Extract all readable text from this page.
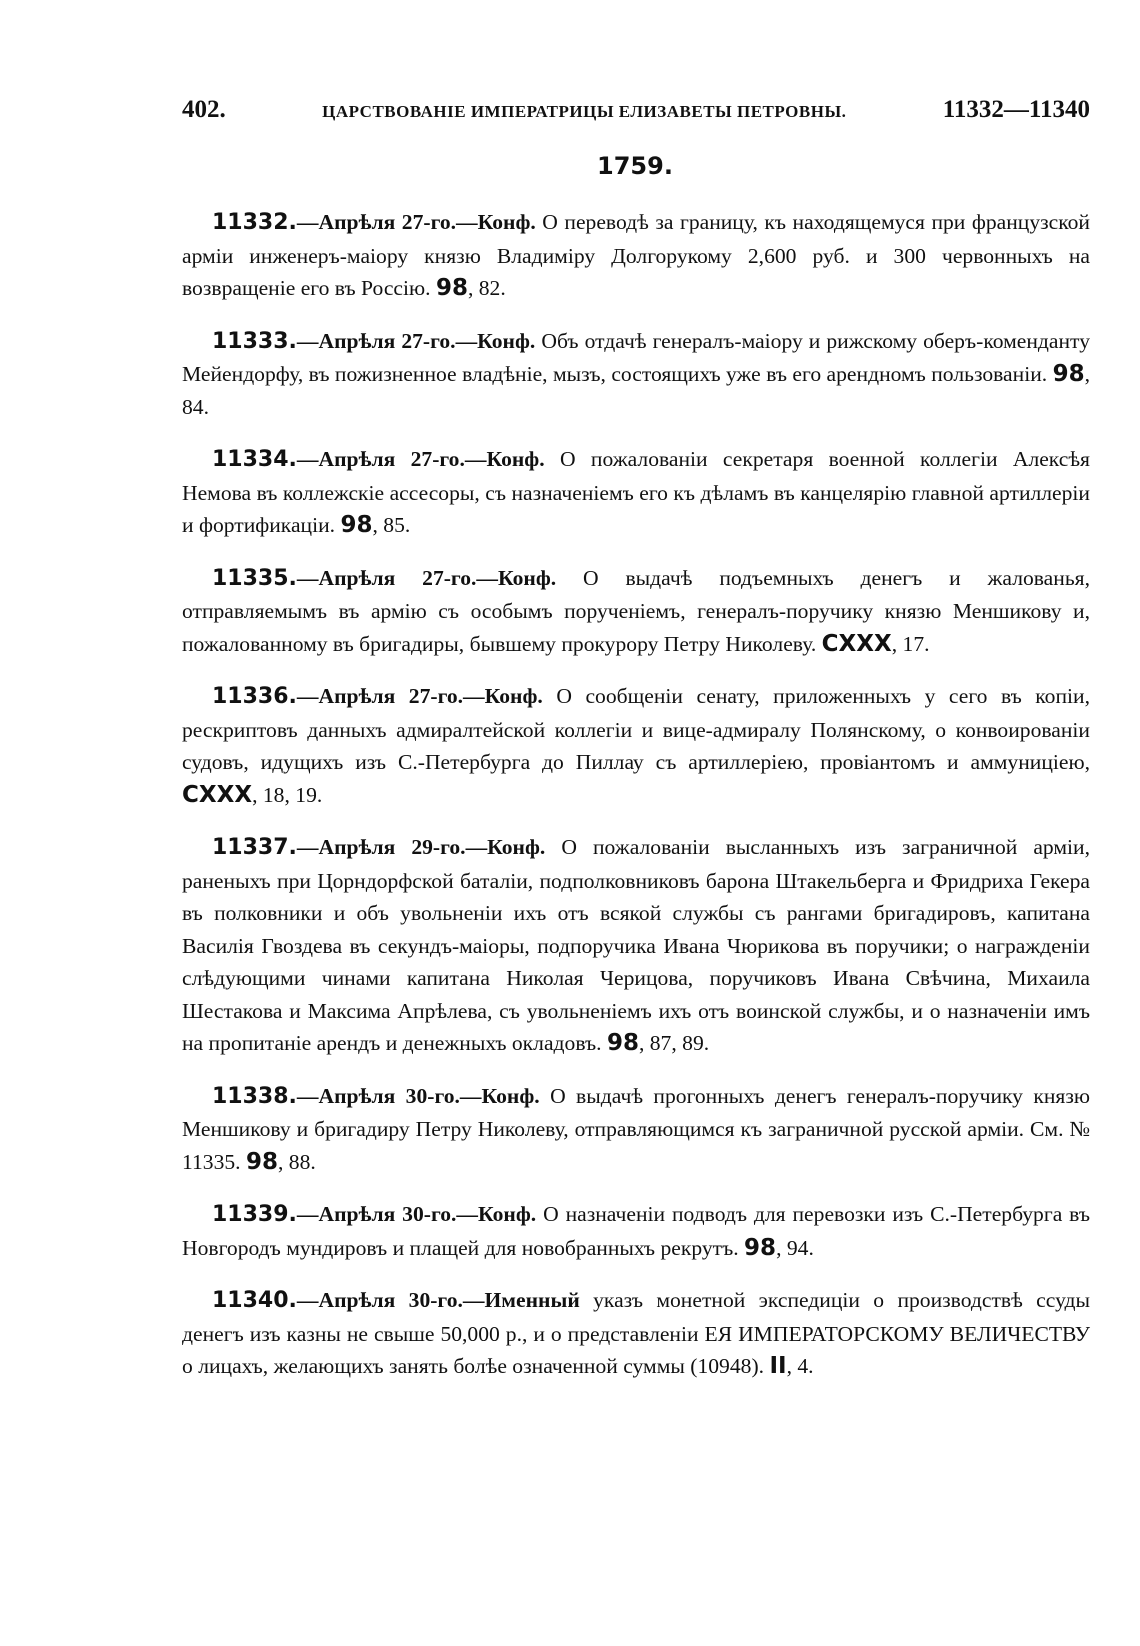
402.	ЦАРСТВОВАНІЕ ИМПЕРАТРИЦЫ ЕЛИЗАВЕТЫ ПЕТРОВНЫ.	11332—11340
1759.

11332.—Апрѣля 27-го.—Конф. О переводѣ за границу, къ находящемуся при французской арміи инженеръ-маіору князю Владиміру Долгорукому 2,600 руб. и 300 червонныхъ на возвращеніе его въ Россію. 98, 82.

11333.—Апрѣля 27-го.—Конф. Объ отдачѣ генералъ-маіору и рижскому оберъ-коменданту Мейендорфу, въ пожизненное владѣніе, мызъ, состоящихъ уже въ его арендномъ пользованіи. 98, 84.

11334.—Апрѣля 27-го.—Конф. О пожалованіи секретаря военной коллегіи Алексѣя Немова въ коллежскіе ассесоры, съ назначеніемъ его къ дѣламъ въ канцелярію главной артиллеріи и фортификаціи. 98, 85.

11335.—Апрѣля 27-го.—Конф. О выдачѣ подъемныхъ денегъ и жалованья, отправляемымъ въ армію съ особымъ порученіемъ, генералъ-поручику князю Меншикову и, пожалованному въ бригадиры, бывшему прокурору Петру Николеву. CXXX, 17.

11336.—Апрѣля 27-го.—Конф. О сообщеніи сенату, приложенныхъ у сего въ копіи, рескриптовъ данныхъ адмиралтейской коллегіи и вице-адмиралу Полянскому, о конвоированіи судовъ, идущихъ изъ С.-Петербурга до Пиллау съ артиллеріею, провіантомъ и аммуниціею, CXXX, 18, 19.

11337.—Апрѣля 29-го.—Конф. О пожалованіи высланныхъ изъ заграничной арміи, раненыхъ при Цорндорфской баталіи, подполковниковъ барона Штакельберга и Фридриха Гекера въ полковники и объ увольненіи ихъ отъ всякой службы съ рангами бригадировъ, капитана Василія Гвоздева въ секундъ-маіоры, подпоручика Ивана Чюрикова въ поручики; о награжденіи слѣдующими чинами капитана Николая Черицова, поручиковъ Ивана Свѣчина, Михаила Шестакова и Максима Апрѣлева, съ увольненіемъ ихъ отъ воинской службы, и о назначеніи имъ на пропитаніе арендъ и денежныхъ окладовъ. 98, 87, 89.

11338.—Апрѣля 30-го.—Конф. О выдачѣ прогонныхъ денегъ генералъ-поручику князю Меншикову и бригадиру Петру Николеву, отправляющимся къ заграничной русской арміи. См. № 11335. 98, 88.

11339.—Апрѣля 30-го.—Конф. О назначеніи подводъ для перевозки изъ С.-Петербурга въ Новгородъ мундировъ и плащей для новобранныхъ рекрутъ. 98, 94.

11340.—Апрѣля 30-го.—Именный указъ монетной экспедиціи о производствѣ ссуды денегъ изъ казны не свыше 50,000 р., и о представленіи ЕЯ ИМПЕРАТОРСКОМУ ВЕЛИЧЕСТВУ о лицахъ, желающихъ занять болѣе означенной суммы (10948). II, 4.
